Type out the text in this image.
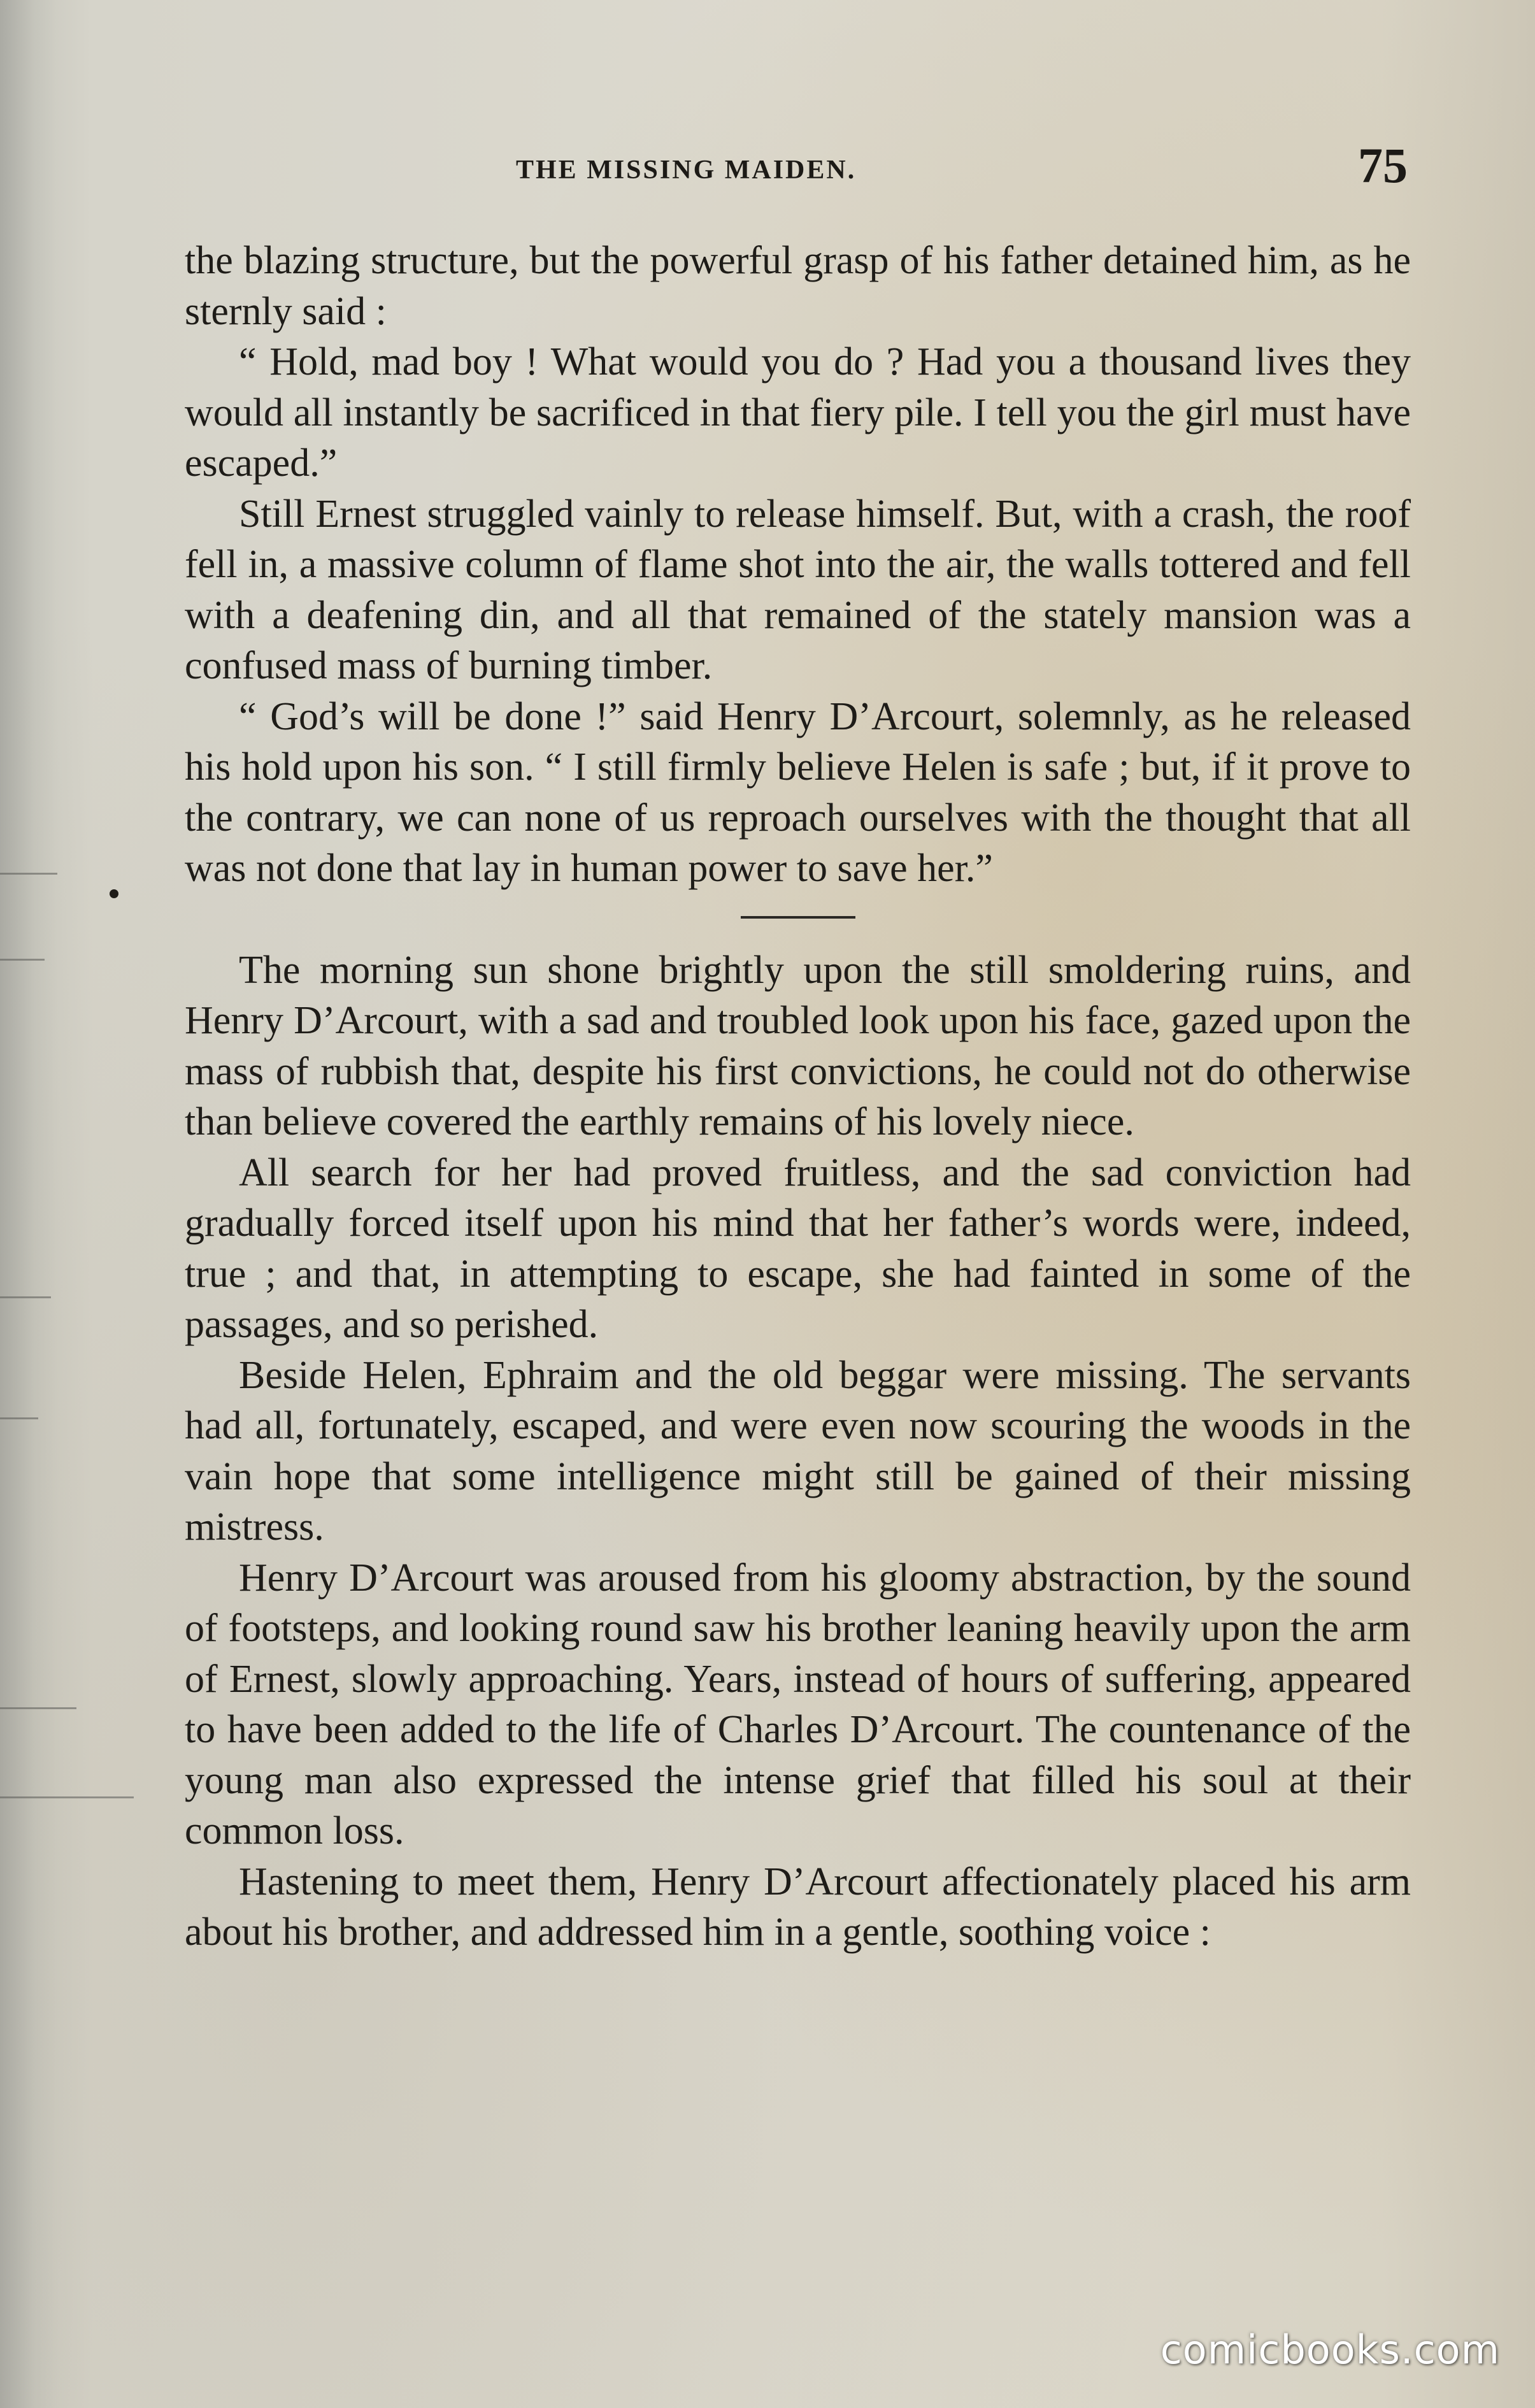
THE MISSING MAIDEN.	75

the blazing structure, but the powerful grasp of his father detained him, as he sternly said :

“ Hold, mad boy ! What would you do ? Had you a thousand lives they would all instantly be sacrificed in that fiery pile. I tell you the girl must have escaped.”

Still Ernest struggled vainly to release himself. But, with a crash, the roof fell in, a massive column of flame shot into the air, the walls tottered and fell with a deafening din, and all that remained of the stately mansion was a confused mass of burning timber.

“ God’s will be done !” said Henry D’Arcourt, solemnly, as he released his hold upon his son. “ I still firmly believe Helen is safe ; but, if it prove to the contrary, we can none of us reproach ourselves with the thought that all was not done that lay in human power to save her.”

The morning sun shone brightly upon the still smoldering ruins, and Henry D’Arcourt, with a sad and troubled look upon his face, gazed upon the mass of rubbish that, despite his first convictions, he could not do otherwise than believe covered the earthly remains of his lovely niece.

All search for her had proved fruitless, and the sad conviction had gradually forced itself upon his mind that her father’s words were, indeed, true ; and that, in attempting to escape, she had fainted in some of the passages, and so perished.

Beside Helen, Ephraim and the old beggar were missing. The servants had all, fortunately, escaped, and were even now scouring the woods in the vain hope that some intelligence might still be gained of their missing mistress.

Henry D’Arcourt was aroused from his gloomy abstraction, by the sound of footsteps, and looking round saw his brother leaning heavily upon the arm of Ernest, slowly approaching. Years, instead of hours of suffering, appeared to have been added to the life of Charles D’Arcourt. The countenance of the young man also expressed the intense grief that filled his soul at their common loss.

Hastening to meet them, Henry D’Arcourt affectionately placed his arm about his brother, and addressed him in a gentle, soothing voice :

comicbooks.com
